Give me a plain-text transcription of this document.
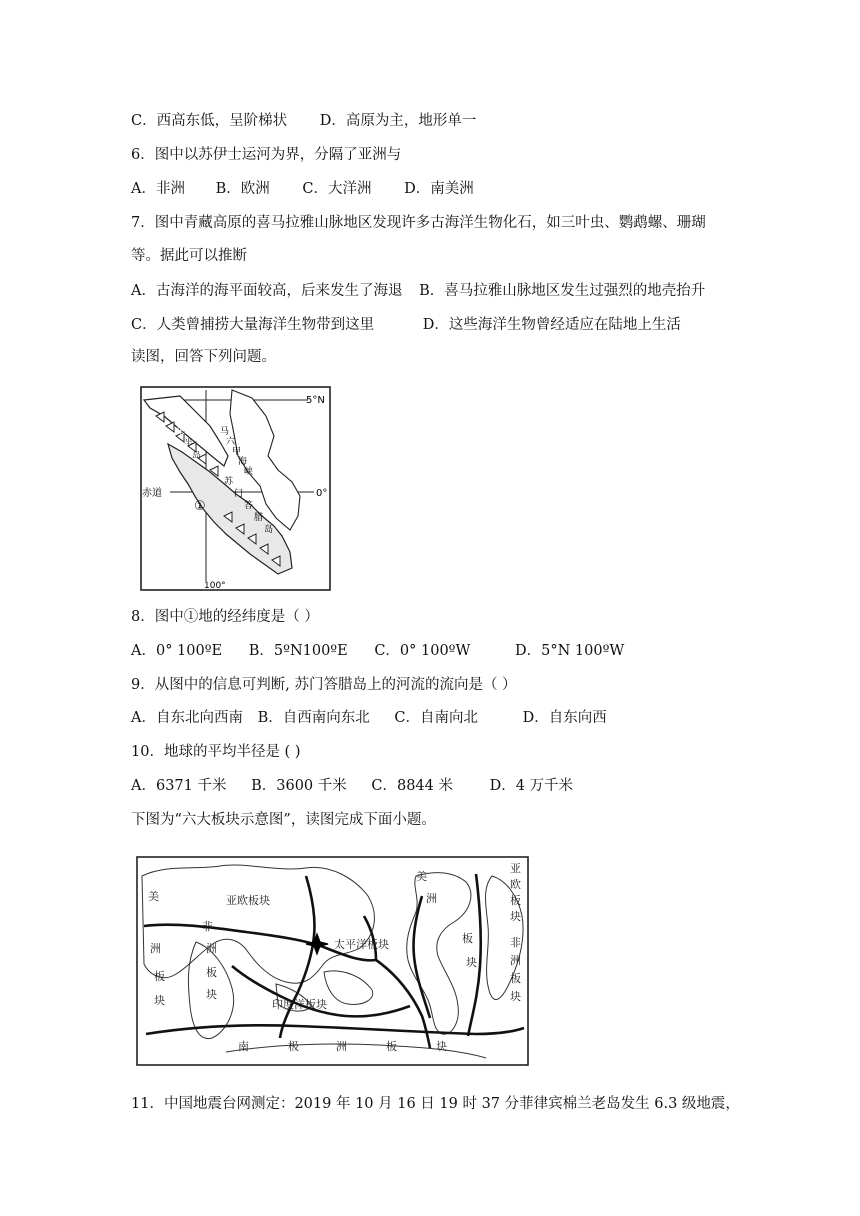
C．西高东低，呈阶梯状 D．高原为主，地形单一
6．图中以苏伊士运河为界，分隔了亚洲与
A．非洲 B．欧洲 C．大洋洲 D．南美洲
7．图中青藏高原的喜马拉雅山脉地区发现许多古海洋生物化石，如三叶虫、鹦鹉螺、珊瑚
等。据此可以推断
A．古海洋的海平面较高，后来发生了海退 B．喜马拉雅山脉地区发生过强烈的地壳抬升
C．人类曾捕捞大量海洋生物带到这里	D．这些海洋生物曾经适应在陆地上生活
读图，回答下列问题。
5°N
赤道	0°
100°
①
马
来
半
岛
马
六
甲
海
峡
苏
门
答
腊
岛
8．图中①地的经纬度是（ ）
A．0° 100ºE B．5ºN100ºE C．0° 100ºW	D．5°N 100ºW
9．从图中的信息可判断, 苏门答腊岛上的河流的流向是（ ）
A．自东北向西南 B．自西南向东北 C．自南向北	D．自东向西
10．地球的平均半径是 ( )
A．6371 千米 B．3600 千米 C．8844 米	D．4 万千米
下图为“六大板块示意图”，读图完成下面小题。
亚欧板块
太平洋板块
印度洋板块
美
非
洲
板
块
洲
板
块
美
洲
板
块
南	极	洲	板	块
亚
欧
板
块
非
洲
板
块
11．中国地震台网测定：2019 年 10 月 16 日 19 时 37 分菲律宾棉兰老岛发生 6.3 级地震，
